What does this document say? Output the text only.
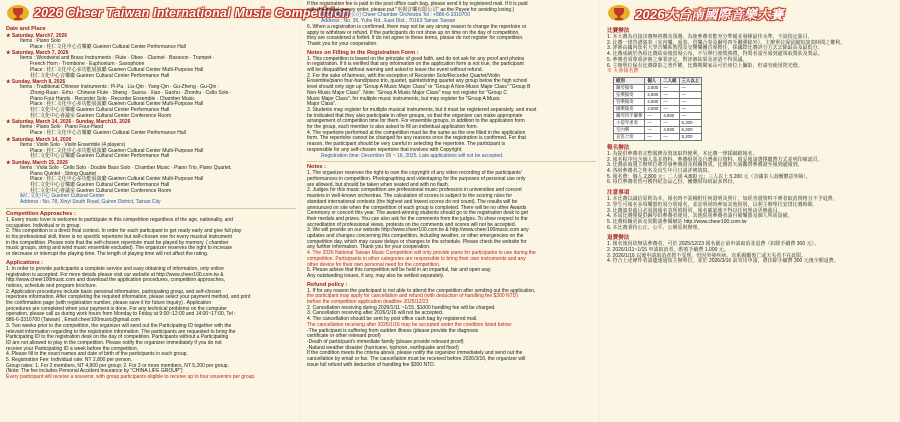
2026 Cheer Taiwan International Music Competition
Date and Place
★ Saturday, March7, 2026
Items : Piano Solo
Place : 桂仁文化中心音樂廳 Gueiren Cultural Center Performance Hall
★ Saturday, March 7, 2026
Items : Woodwind and Brass Instruments : Flute · Oboe · Clarinet · Bassoon · Trumpet ·
French Horn · Trombone · Euphonium · Saxophone
Place : 桂仁文化中心多功能展演廳 Gueiren Cultural Center Multi-Purpose Hall
桂仁文化中心音樂廳 Gueiren Cultural Center Performance Hall
★ Sunday, March 8, 2026
Items : Traditional Chinese Instruments : Pi-Pa · Liu-Qin · Yang-Qin · Gu-Zheng · Gu-Qin ·
Zhong-Ruan · Erhu · Chinese Flute · Sheng · Suona · Xiao · Gaohu · Zhonhu · Cello Solo ·
Piano Four Hands · Recorder Solo · Recorder Ensemble · Chamber Music
Place : 桂仁文化中心多功能展演廳 Gueiren Cultural Center Multi-Purpose Hall
桂仁文化中心音樂廳 Gueiren Cultural Center Performance Hall
桂仁文化中心會議室 Gueiren Cultural Center Conference Room
★ Saturday, March 14, 2026 · Sunday, March15, 2026
Items : Piano Solo · Piano Four-Hand
Place : 桂仁文化中心音樂廳 Gueiren Cultural Center Performance Hall
★ Saturday, March 14, 2026
Items : Violin Solo · Violin Ensemble (4 players)
Place : 桂仁文化中心多功能展演廳 Gueiren Cultural Center Multi-Purpose Hall
桂仁文化中心音樂廳 Gueiren Cultural Center Performance Hall
★ Sunday, March 15, 2026
Items : Viola Solo · Cello Solo · Double Bass Solo · Chamber Music · Piano Trio, Piano Quartet,
Piano Quintet · String Quartet
Place : 桂仁文化中心多功能展演廳 Gueiren Cultural Center Multi-Purpose Hall
桂仁文化中心音樂廳 Gueiren Cultural Center Performance Hall
桂仁文化中心會議室 Gueiren Cultural Center Conference Room
歸仁文化中心 Gueiren Cultural Center
Address : No. 78, Xinyi South Road, Guiren District, Tainan City
Competition Approaches :
1. Every music lover is welcome to participate in this competition regardless of the age, nationality, and
occupation. Individual or in group.
2. This competition is a direct final contest. In order for each participant to get ready early and give full play
to his professional skill, there is no specific repertoire but self-chosen one for every musical instrument
in the competition. Please note that the self-chosen repertoire must be played by memory. ( chamber
music groups, string and wind music ensemble excluded). The organizer reserves the right to increase
or decrease or interrupt the playing time. The length of playing time will not affect the rating.
Applications :
1. In order to provide participants a complete service and easy obtaining of information, only online
registration is accepted. For more details please visit our website at http://www.cheer100.com.tw &
http://www.cheer100music.com and download the application procedures, competition approaches,
notices, schedule and program brochure.
2. Application procedures include basic personal information, participating group, and self-chosen
repertoire information. After completing the required information, please select your payment method, and print
the confirmation page (with registration number, please save it for future inquiry) . Application
procedures are completed when your payment is done. For any technical problems on the computer
operation, please call us during work hours from Monday to Friday at 9:00~12:00 and 14:00~17:00, Tel :
886-6-3310700 (Taiwan) , Email:cheer100music@gmail.com
3. Two weeks prior to the competition, the organizer will send out the Participating ID together with the
relevant information regarding to the registration information. The participants are requested to bring the
Participating ID to the registration desk on the day of competition. Participants without a Participating
ID are not allowed to play in the competition. Please notify the organizer immediately if you do not
receive your Participating ID a week before the competition.
4. Please fill in the exact names and date of birth of the participants in each group.
5. Registration Fee: Individual rate: NT 2,800 per person.
Group rates: 1. For 2 members, NT 4,800 per group; 2. For 3 or more members, NT 5,200 per group.
(Note: The fee includes Personal Accident Insurance by "CHINA LIFE GROUP")
Every participant will receive a souvenir, with group participants eligible to receive up to four souvenirs per group.
If the registration fee is paid in the post office cash bag, please send it by registered mail. If it is paid
with the postal money order, please put "巫揚音樂有限公司" as the Payee for avoiding losing.)
奕舒音樂有限公司 Cheer Chamber Orchestra Tel : +886-6-3310700
Address : No. 36, Yuhe Rd., East Dist., 70163 Tainan Taiwan
6. When a registration is confirmed, there may not be any strong reason to change the repertoire or
apply to withdraw or refund. If the participants do not show up on time on the day of competition,
they are considered a forfeit. If do not agree to these terms, please do not register for competition.
Thank you for your cooperation.
Notes on Filling in the Registration Form :
1. This competition is based on the principle of good faith, and do not ask for any proof and photos
in registration. If it is verified that any information on the application form is not true, the participant
will be disqualified without warning and asked to leave the event without refund.
2. For the sake of fairness, with the exception of Recorder Solo/Recorder Quartet/Violin
Ensemble/piano four-hand/piano trio, quartet, quintet/string quartet any group below the high school
level should only sign up "Group A Music Major Class" or "Group A Non-Music Major Class" "Group B
Non-Music Major Class". Note: "Group A Music Major Class" may not register for "Group C
Music Major Class", for multiple music instruments, but may register for "Group A Music
Major Class".
3. Students may register for multiple musical instruments, but it must be registered separately, and must
be indicated that they also participate in other groups, so that the organizer can make appropriate
arrangement of competition time for them. For ensemble groups, in addition to the application form
for the group, each member is also asked to fill an individual application form.
4. The repertoire performed at the competition must be the same as the one filled in the application
form. The repertoire cannot be changed for any reasons once the registration is confirmed. For that
reason, the participant should be very careful in selecting the repertoire. The participant is
responsible for any self-chosen repertoire that involves with Copyright.
Registration time: December 05 ~ 16, 2025. Late applications will not be accepted.
Notes :
1. The organizer reserves the right to own the copyright of any video recording of the participants'
performances in competition. Photographing and videotaping for the purposes of personal use only
are allowed, but should be taken when seated and with no flash.
2. Judges for this music competition are professional music professors in universities and concert
masters in well-known orchestras. The calculation of scores is subject to the scoring rules for
standard international contests (the highest and lowest scores do not count). The results will be
announced on site when the competition of each group is completed. There will be no other Awards
Ceremony or concert this year. The award-winning students should go to the registration desk to get
their medals and prizes. You can also ask for the comments from the judges. To show respect to the
accreditation of professional views, protests on the comments and scores will not be accepted.
3. We will provide on our website http://www.cheer100.com.tw & http://www.cheer100music.com any
updates and changes concerning this competition, including weather, or other emergencies on the
competition day, which may cause delays or changes to the schedule. Please check the website for
any further information. Thank you for your cooperation.
4. The 2026 National Taiwan Music Competition will only provide piano for participants to use during the
competition. Participants in other categories are responsible to bring their own instruments and any
other device for their own personal need for the competition.
5. Please advise that this competition will be held in an impartial, fair and open way.
Any outstanding issues, if any, may also be settled separately.
Refund policy :
1. If for any reason the participant is not able to attend the competition after sending out the application,
the participant may apply for cancellation and refund (with deduction of handling fee $300 NTD)
before the competition application deadline 2025/12/23
2. Cancellation receiving during 2026/1/11 ~1/15, $1000 handling fee will be charged.
3. Cancellation receiving after 2026/1/16 will not be accepted.
4. The cancellation should be sent by post office cash bag by registered mail.
The cancellation receiving after 2026/1/16 may be accepted under the condition listed below:
-The participant is suffering from sudden illness (please provide the diagnosis
certificate or other relevant proof)
-Death of participant's immediate family (please provide relevant proof)
-Natural weather disaster (hurricane, typhoon, earthquake and flood)
If the condition meets the criteria above, please notify the organizer immediately and send out the
cancellation by email or fax. The cancellation must be received before 2026/3/16, the organizer will
issue full refund with deduction of handling fee $300 NTD.
2026大台南國際音樂大賽
比賽辦法
1. 本大賽為直接決賽無初賽及預賽，為使參賽者能充分準備並發揮最佳水準，不設指定曲目。
2. 比賽一律背譜演奏（室內樂、重奏、管樂合奏及鋼琴四手聯彈除外），主辦單位保留縮短演奏時間之權利。
3. 評審由國內知名大學音樂系教授及交響樂團首席擔任，採國際比賽評分方式去除最高及最低分。
4. 比賽成績於各組比賽結束後當場公布，不另舉行頒獎典禮，得獎者請至報到處領取獎狀及獎品。
5. 參賽者須尊重評審之專業評定，對評審結果及評語不得異議。
6. 主辦單位保有比賽錄影之著作權，比賽期間家長可於座位上攝影，但請勿使用閃光燈。
※ 大會報名費
組別	個人	二人組	三人以上
鋼琴獨奏	2,800	—	—
弦樂獨奏	2,800	—	—
管樂獨奏	2,800	—	—
國樂獨奏	2,800	—	—
鋼琴四手聯彈	—	4,800	—
小提琴重奏	—	—	5,200
室內樂	—	4,800	5,200
直笛合奏	—	—	5,200
報名辦法
1. 為提供參賽者完整服務及資訊取得便利，本比賽一律採網路報名。
2. 報名程序包含個人基本資料、參賽組別及自選曲目資料，填妥後請選擇繳費方式並列印確認頁。
3. 比賽前兩週主辦單位將寄發參賽證及相關資訊，比賽當天請攜帶參賽證至報到處報到。
4. 各組參賽者之姓名及出生年月日請詳實填寫。
5. 報名費：個人 2,800 元；二人組 4,800 元；三人以上 5,200 元（含國泰人壽團體意外險）。
6. 每位參賽者皆可獲得紀念品乙份，團體組每組最多四份。
注意事項
1. 本比賽以誠信原則為本，報名時不需檢附任何證明及照片，如經查證資料不實者取消資格且不予退費。
2. 學生可報名多項樂器但須分別報名，並註明同時參加其他組別，以利主辦單位安排比賽時間。
3. 比賽演奏曲目必須與報名表所填相同，報名確認後不得以任何理由更換曲目。
4. 本屆比賽僅提供鋼琴供參賽者使用，其他組別參賽者請自備樂器及個人所需設備。
5. 比賽相關更新及異動請參閱網站 http://www.cheer100.com.tw
6. 本比賽秉持公正、公平、公開原則辦理。
退費辦法
1. 報名後因故無法參賽者，可於 2025/12/23 報名截止前申請取消並退費（扣除手續費 300 元）。
2. 2026/1/11~1/15 申請取消者，酌收手續費 1,000 元。
3. 2026/1/16 以後申請取消者恕不受理，但因突發疾病、直系親屬喪亡或天災者不在此限。
4. 符合上述條件者請儘速通知主辦單位，並於 2026/3/16 前寄出申請，將扣除手續費 300 元後全額退費。
